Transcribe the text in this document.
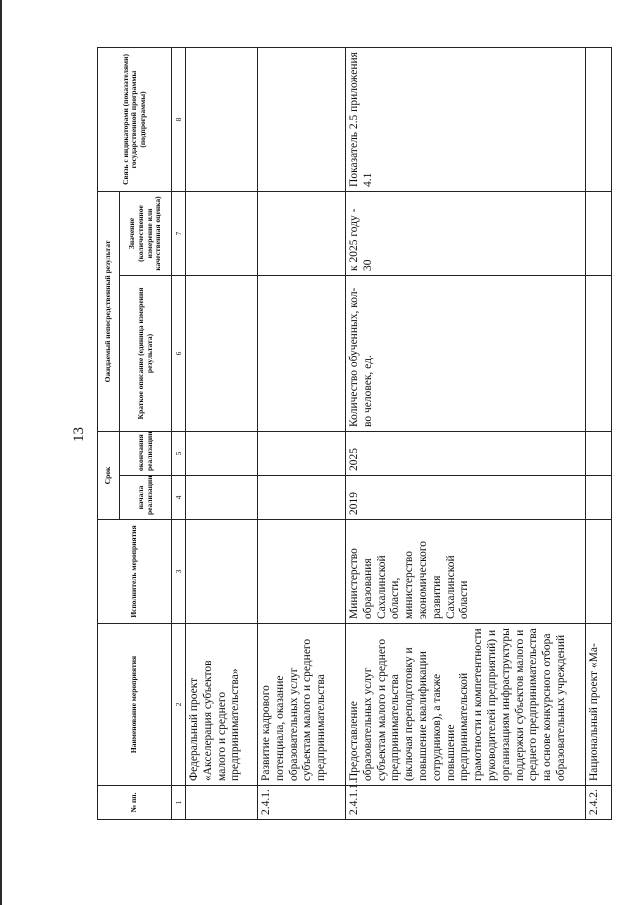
13
№ пп.	Наименование мероприятия	Исполнитель мероприятия	Срок		Ожидаемый непосредственный результат		Связь с индикаторами (показателями) государственной программы (подпрограммы)
			начала реализации	окончания реализации	Краткое описание (единица измерения результата)	Значение (количественное измерение или качественная оценка)	

1	2	3	4	5	6	7	8
	Федеральный проект «Акселерация субъектов малого и среднего предпринимательства»						
2.4.1.	Развитие кадрового потенциала, оказание образовательных услуг субъектам малого и среднего предпринимательства						
2.4.1.1.	Предоставление образовательных услуг субъектам малого и среднего предпринимательства (включая переподготовку и повышение квалификации сотрудников), а также повышение предпринимательской грамотности и компетентности руководителей предприятий) и организациям инфраструктуры поддержки субъектов малого и среднего предпринимательства на основе конкурсного отбора образовательных учреждений	Министерство образования Сахалинской области, министерство экономического развития Сахалинской области	2019	2025	Количество обученных, кол-во человек, ед.	к 2025 году - 30	Показатель 2.5 приложения 4.1
2.4.2.	Национальный проект «Ма-						
